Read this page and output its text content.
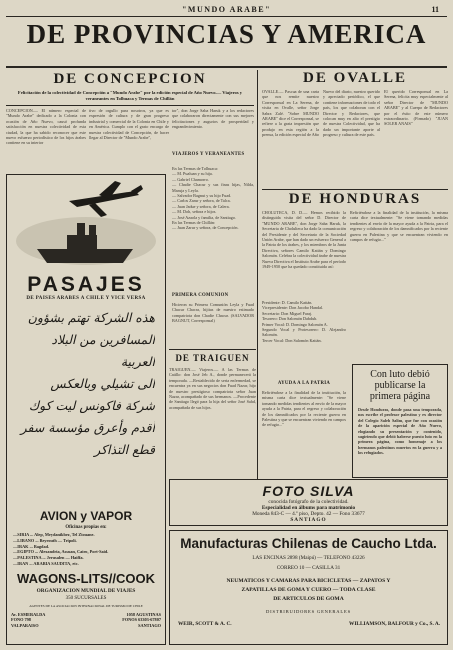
"MUNDO ARABE"	11
DE PROVINCIAS Y AMERICA
DE CONCEPCION
Felicitación de la colectividad de Concepción a "Mundo Arabe" por la edición especial de Año Nuevo.— Viajeros y veraneantes en Tolhuaca y Termas de Chillán
CONCEPCION.— El número especial de "Mundo Arabe" dedicado a la Colonia con ocasión de Año Nuevo, causó profunda satisfacción en nuestra colectividad de esta ciudad, la que ha sabido reconocer que este nuevo esfuerzo periodístico de los hijos árabes contiene en su interior
tivo de orgullo para nosotros, ya que es expresión de cultura y de gran progreso industrial y comercial de la Colonia en Chile y en América. Cumplo con el grato encargo de nuestra colectividad de Concepción, de hacer llegar al Director de "Mundo Arabe",
tor", don Jorge Saba Haruk y a los redactores que colaboraron directamente con sus mejores felicitaciones y augurios de prosperidad y engrandecimiento.
VIAJEROS Y VERANEANTES
En las Termas de Tolhuaca:
— M. Pualuan y su hija.
— Gabriel Chamorro.
— Chadie Chacur y sus finas hijas, Nilda, Maruja y Leyla.
— Salvador Bagnut y su hijo Fuad.
— Carlos Zarur y señora, de Talca.
— Juan Jadue y señora, de Calera.
— M. Doh, señora e hijos.
— José Azaola y familia, de Santiago.
En las Termas de Chillán:
— Juan Zarur y señora, de Concepción.
PRIMERA COMUNION
Hicieron su Primera Comunión Leyla y Fuad Chacur Chacra, hijitas de nuestro estimado compatriota don Chadie Chacur. (SALVADOR BAGNUT, Corresponsal)
PASAJES
DE PAISES ARABES A CHILE Y VICE VERSA
هذه الشركة تهتم بشؤون
المسافرين من البلاد العربية
الى تشيلي وبالعكس
شركة فاكونس ليت كوك
أقدم وأعرق مؤسسة سفر
قطع التذاكر
AVION y VAPOR
Oficinas propias en:
—SIRIA ... Alep, Meydanikbez, Tel Ziouane.
—LIBANO ... Beyrouth — Tripoli.
—IRAK ... Bagdad.
—EGIPTO ... Alexandria, Assuan, Cairo, Port-Said.
—PALESTINA ... Jerusalen — Haiffa.
—IRAN ... ARABIA SAUDITA, etc.
WAGONS-LITS//COOK
ORGANIZACION MUNDIAL DE VIAJES
350 SUCURSALES
AGENTES DE LA ASOCIACION INTERNACIONAL DE TURISMO DE CHILE
Av. ESMERALDA
FONO 798
VALPARAISO
1058 AGUSTINAS
FONOS 63303-67807
SANTIAGO
DE TRAIGUEN
TRAIGUEN.— Viajeros.— A las Termas de Catillo: don José Jeb A., donde permanecerá la temporada. —Restablecido de seria enfermedad, se encuentra ya en sus negocios don Fuad Nazar, hijo de nuestro prestigioso compatriota señor Juan Nazar, acompañado de sus hermanos. —Procedente de Santiago llegó para la hija del señor José Sahd, acompañada de sus hijos.
DE OVALLE
OVALLE.— Pascua de una carta que nos remite nuestro Corresponsal en La Serena, de visita en Ovalle, señor Jorge Sabra Zalé. "Sobre MUNDO ARABE" dice el Corresponsal, se refiere a la grata impresión que produjo en esta región a la prensa, la edición especial de Año Nuevo del diario, nuestro querido y apreciado periódico, el que contiene informaciones de todo el país, los que colaboran con el Director y Redactores, que colocan muy en alto el prestigio de nuestra Colectividad, que ha dado un importante aporte al progreso y cultura de este país.
El querido Corresponsal en La Serena, felicita muy especialmente al señor Director de "MUNDO ARABE" y al Cuerpo de Redactores por el éxito de este número extraordinario. (Firmado) "JUAN SOLER ANAIS"
DE HONDURAS
CHOLUTECA, D. D.— Hemos recibido la distinguida visita del señor D. Director de "MUNDO ARABE", don Jorge Saba Haruk, la Secretaria de Cholulteca ha dado la comunicación del Presidente y del Secretario de la Sociedad Unión Arabe, que han dado un esfuerzo General a la Patria de los árabes, y los miembros de la Junta Directiva, señores Camilo Kattán y Domingo Salomón. Celebra la colectividad árabe de nuestra Nueva Directiva el Instituto Arabe para el período 1949-1950 que ha quedado constituida así:
Presidente: D. Camilo Kattán.
Vicepresidente: Don Jacobo Handal.
Secretario: Don Miguel Faraj.
Tesorero: Don Salomón Dabdub.
Primer Vocal: D. Domingo Salomón A.
Segundo Vocal y Protesorero: D. Alejandro Salomón.
Tercer Vocal: Don Salomón Kattán.
AYUDA A LA PATRIA
Refiriéndose a la finalidad de la institución, la misma carta dice textualmente: "Se viene tomando medidas tendientes al envío de la mayor ayuda a la Patria, para el regreso y colaboración de los damnificados por la reciente guerra en Palestina y que se encuentran viviendo en campos de refugio..."
Refiriéndose a la finalidad de la institución, la misma carta dice textualmente: "Se viene tomando medidas tendientes al envío de la mayor ayuda a la Patria, para el regreso y colaboración de los damnificados por la reciente guerra en Palestina y que se encuentran viviendo en campos de refugio..."
Con luto debió
publicarse la
primera página
Desde Honduras, donde pasa una temporada, nos escribe el profesor palestino y ex director del Colegio Saleh Salim, que fue con ocasión de la aparición especial de Año Nuevo, elogiando su presentación y contenido, sugiriendo que debió haberse puesto luto en la primera página, como homenaje a los hermanos palestinos muertos en la guerra y a los refugiados.
FOTO SILVA
conocida fotógrafo de la colectividad.
Especialidad en álbums para matrimonio
Moneda 843-C — 4.º piso, Depto. 42 — Fono 33677
SANTIAGO
Manufacturas Chilenas de Caucho Ltda.
LAS ENCINAS 2898 (Maipú) — TELEFONO 43226
CORREO 10 — CASILLA 31
NEUMATICOS Y CAMARAS PARA BICICLETAS — ZAPATOS Y
ZAPATILLAS DE GOMA Y CUERO — TODA CLASE
DE ARTICULOS DE GOMA
DISTRIBUIDORES GENERALES
WEIR, SCOTT & A. C.	WILLIAMSON, BALFOUR y Co., S. A.
